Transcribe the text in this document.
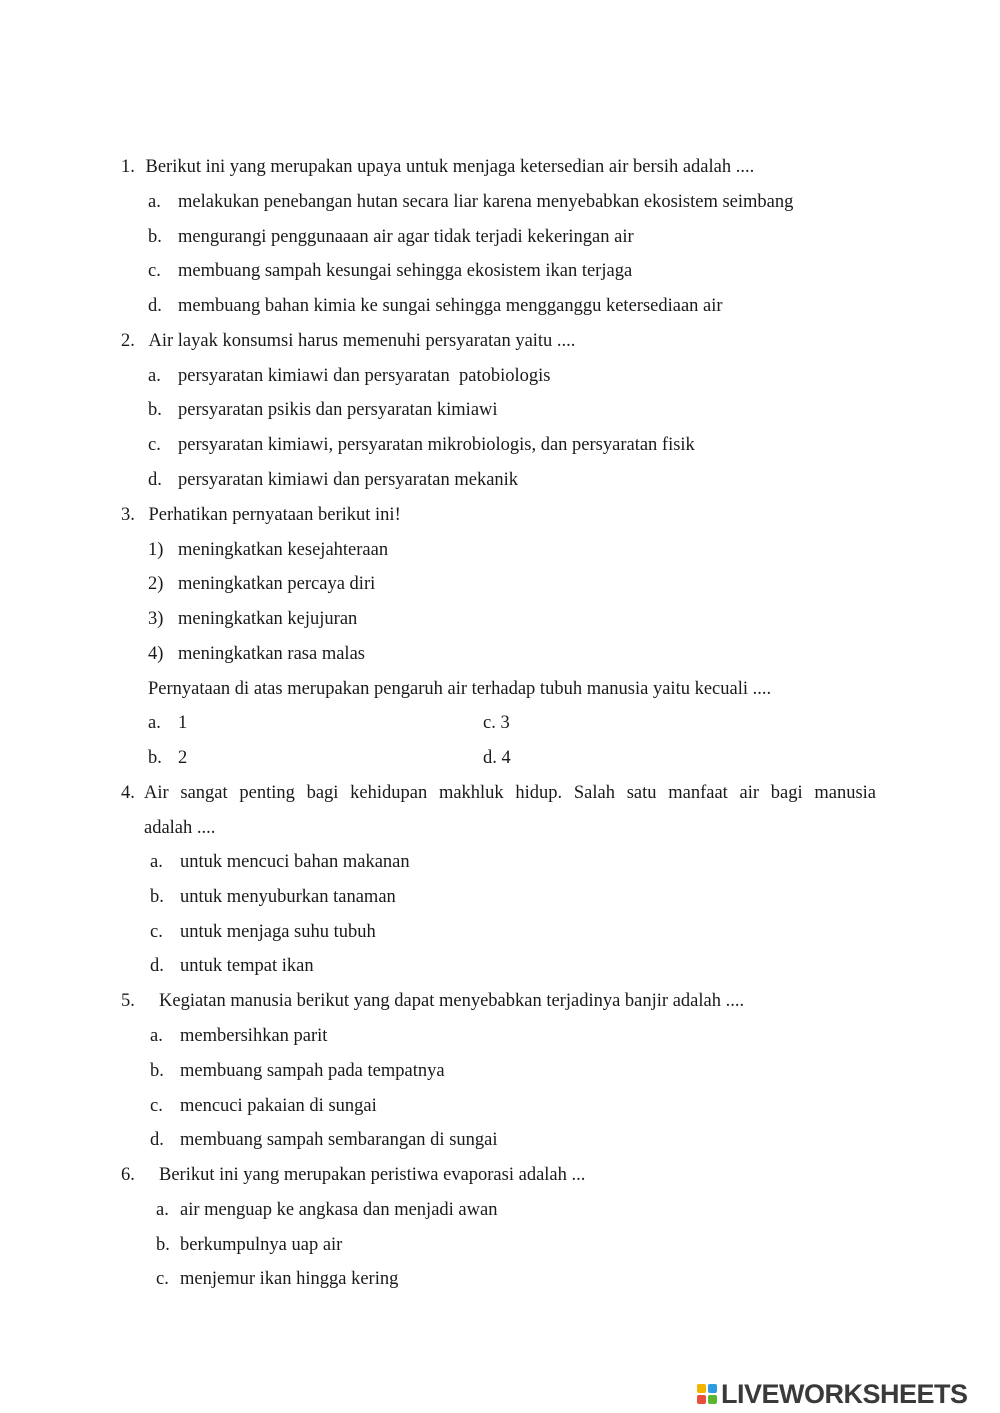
1. Berikut ini yang merupakan upaya untuk menjaga ketersedian air bersih adalah ....
a. melakukan penebangan hutan secara liar karena menyebabkan ekosistem seimbang
b. mengurangi penggunaaan air agar tidak terjadi kekeringan air
c. membuang sampah kesungai sehingga ekosistem ikan terjaga
d. membuang bahan kimia ke sungai sehingga mengganggu ketersediaan air
2. Air layak konsumsi harus memenuhi persyaratan yaitu ....
a. persyaratan kimiawi dan persyaratan  patobiologis
b. persyaratan psikis dan persyaratan kimiawi
c. persyaratan kimiawi, persyaratan mikrobiologis, dan persyaratan fisik
d. persyaratan kimiawi dan persyaratan mekanik
3. Perhatikan pernyataan berikut ini!
1) meningkatkan kesejahteraan
2) meningkatkan percaya diri
3) meningkatkan kejujuran
4) meningkatkan rasa malas
Pernyataan di atas merupakan pengaruh air terhadap tubuh manusia yaitu kecuali ....
a. 1	c. 3
b. 2	d. 4
4. Air sangat penting bagi kehidupan makhluk hidup. Salah satu manfaat air bagi manusia
adalah ....
a. untuk mencuci bahan makanan
b. untuk menyuburkan tanaman
c. untuk menjaga suhu tubuh
d. untuk tempat ikan
5. Kegiatan manusia berikut yang dapat menyebabkan terjadinya banjir adalah ....
a. membersihkan parit
b. membuang sampah pada tempatnya
c. mencuci pakaian di sungai
d. membuang sampah sembarangan di sungai
6. Berikut ini yang merupakan peristiwa evaporasi adalah ...
a. air menguap ke angkasa dan menjadi awan
b. berkumpulnya uap air
c. menjemur ikan hingga kering
LIVEWORKSHEETS
